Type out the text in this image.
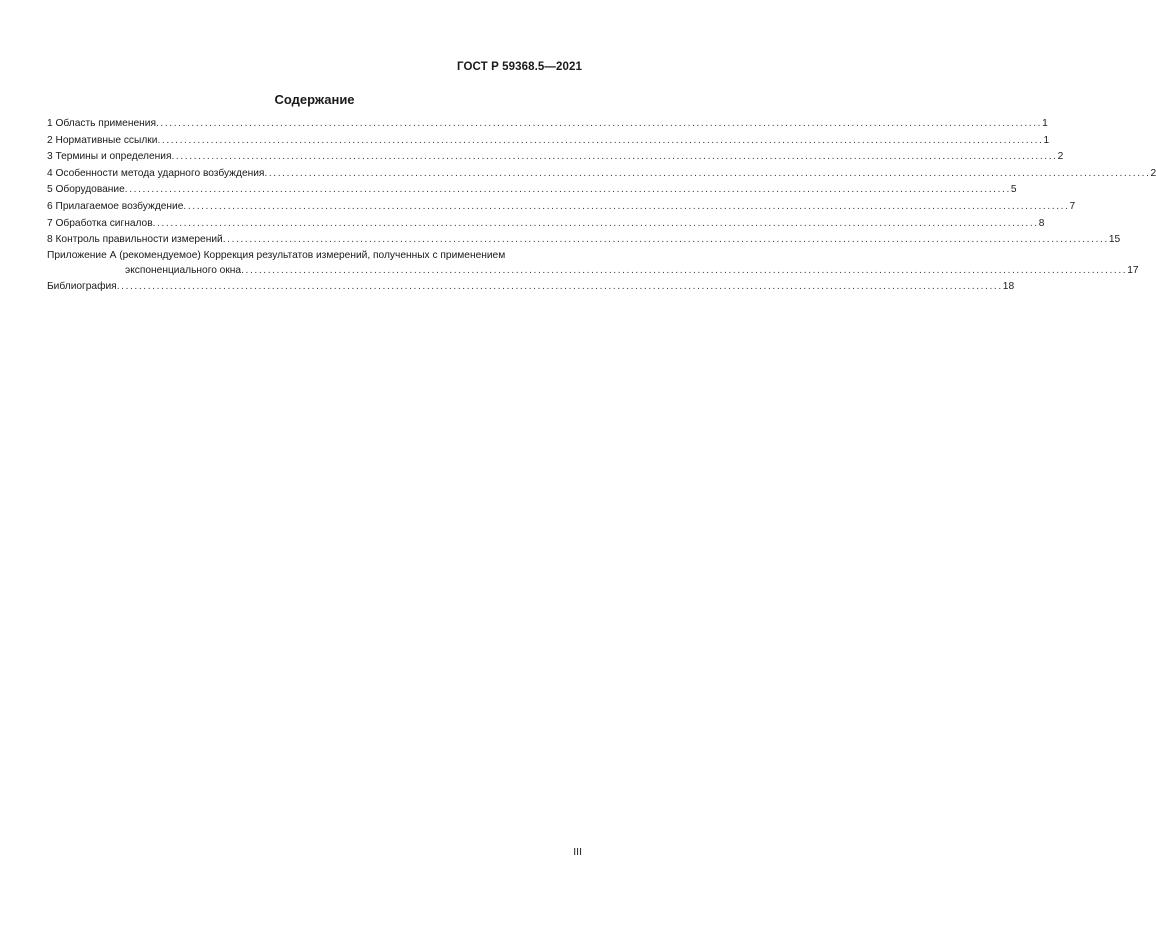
ГОСТ Р 59368.5—2021
Содержание
1 Область применения ........................................................................................................................................................................................................ 1
2 Нормативные ссылки ........................................................................................................................................................................................................ 1
3 Термины и определения ........................................................................................................................................................................................................ 2
4 Особенности метода ударного возбуждения ........................................................................................................................................................................................................ 2
5 Оборудование ........................................................................................................................................................................................................ 5
6 Прилагаемое возбуждение ........................................................................................................................................................................................................ 7
7 Обработка сигналов ........................................................................................................................................................................................................ 8
8 Контроль правильности измерений ........................................................................................................................................................................................................ 15
Приложение А (рекомендуемое) Коррекция результатов измерений, полученных с применением
экспоненциального окна ........................................................................................................................................................................................................ 17
Библиография ........................................................................................................................................................................................................ 18
III
